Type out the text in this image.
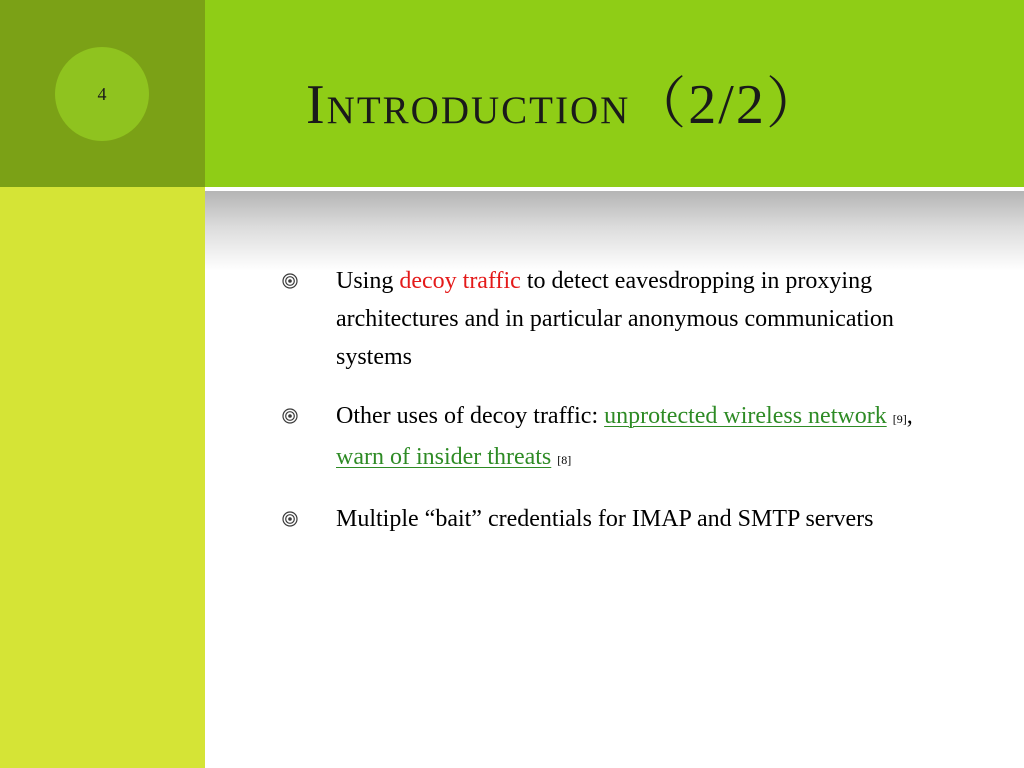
4	Introduction（2/2）
Using decoy traffic to detect eavesdropping in proxying architectures and in particular anonymous communication systems
Other uses of decoy traffic: unprotected wireless network [9], warn of insider threats [8]
Multiple “bait” credentials for IMAP and SMTP servers
